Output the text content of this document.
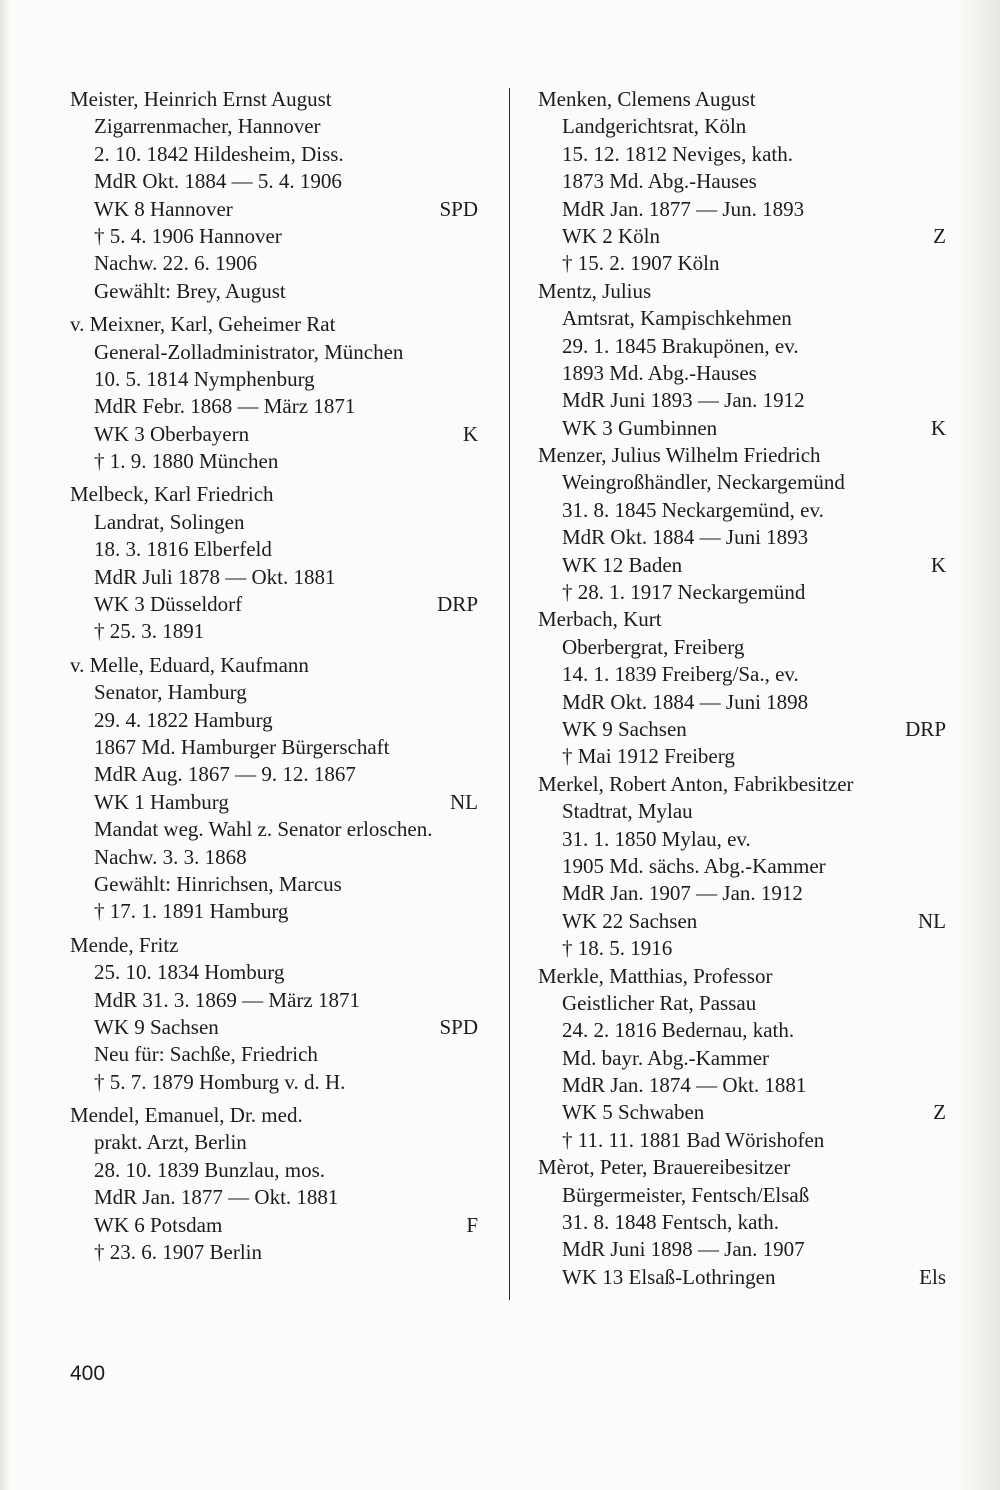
Meister, Heinrich Ernst August
Zigarrenmacher, Hannover
2. 10. 1842 Hildesheim, Diss.
MdR Okt. 1884 — 5. 4. 1906
WK 8 Hannover	SPD
† 5. 4. 1906 Hannover
Nachw. 22. 6. 1906
Gewählt: Brey, August
v. Meixner, Karl, Geheimer Rat
General-Zolladministrator, München
10. 5. 1814 Nymphenburg
MdR Febr. 1868 — März 1871
WK 3 Oberbayern	K
† 1. 9. 1880 München
Melbeck, Karl Friedrich
Landrat, Solingen
18. 3. 1816 Elberfeld
MdR Juli 1878 — Okt. 1881
WK 3 Düsseldorf	DRP
† 25. 3. 1891
v. Melle, Eduard, Kaufmann
Senator, Hamburg
29. 4. 1822 Hamburg
1867 Md. Hamburger Bürgerschaft
MdR Aug. 1867 — 9. 12. 1867
WK 1 Hamburg	NL
Mandat weg. Wahl z. Senator erloschen.
Nachw. 3. 3. 1868
Gewählt: Hinrichsen, Marcus
† 17. 1. 1891 Hamburg
Mende, Fritz
25. 10. 1834 Homburg
MdR 31. 3. 1869 — März 1871
WK 9 Sachsen	SPD
Neu für: Sachße, Friedrich
† 5. 7. 1879 Homburg v. d. H.
Mendel, Emanuel, Dr. med.
prakt. Arzt, Berlin
28. 10. 1839 Bunzlau, mos.
MdR Jan. 1877 — Okt. 1881
WK 6 Potsdam	F
† 23. 6. 1907 Berlin
Menken, Clemens August
Landgerichtsrat, Köln
15. 12. 1812 Neviges, kath.
1873 Md. Abg.-Hauses
MdR Jan. 1877 — Jun. 1893
WK 2 Köln	Z
† 15. 2. 1907 Köln
Mentz, Julius
Amtsrat, Kampischkehmen
29. 1. 1845 Brakupönen, ev.
1893 Md. Abg.-Hauses
MdR Juni 1893 — Jan. 1912
WK 3 Gumbinnen	K
Menzer, Julius Wilhelm Friedrich
Weingroßhändler, Neckargemünd
31. 8. 1845 Neckargemünd, ev.
MdR Okt. 1884 — Juni 1893
WK 12 Baden	K
† 28. 1. 1917 Neckargemünd
Merbach, Kurt
Oberbergrat, Freiberg
14. 1. 1839 Freiberg/Sa., ev.
MdR Okt. 1884 — Juni 1898
WK 9 Sachsen	DRP
† Mai 1912 Freiberg
Merkel, Robert Anton, Fabrikbesitzer
Stadtrat, Mylau
31. 1. 1850 Mylau, ev.
1905 Md. sächs. Abg.-Kammer
MdR Jan. 1907 — Jan. 1912
WK 22 Sachsen	NL
† 18. 5. 1916
Merkle, Matthias, Professor
Geistlicher Rat, Passau
24. 2. 1816 Bedernau, kath.
Md. bayr. Abg.-Kammer
MdR Jan. 1874 — Okt. 1881
WK 5 Schwaben	Z
† 11. 11. 1881 Bad Wörishofen
Mèrot, Peter, Brauereibesitzer
Bürgermeister, Fentsch/Elsaß
31. 8. 1848 Fentsch, kath.
MdR Juni 1898 — Jan. 1907
WK 13 Elsaß-Lothringen	Els
400
